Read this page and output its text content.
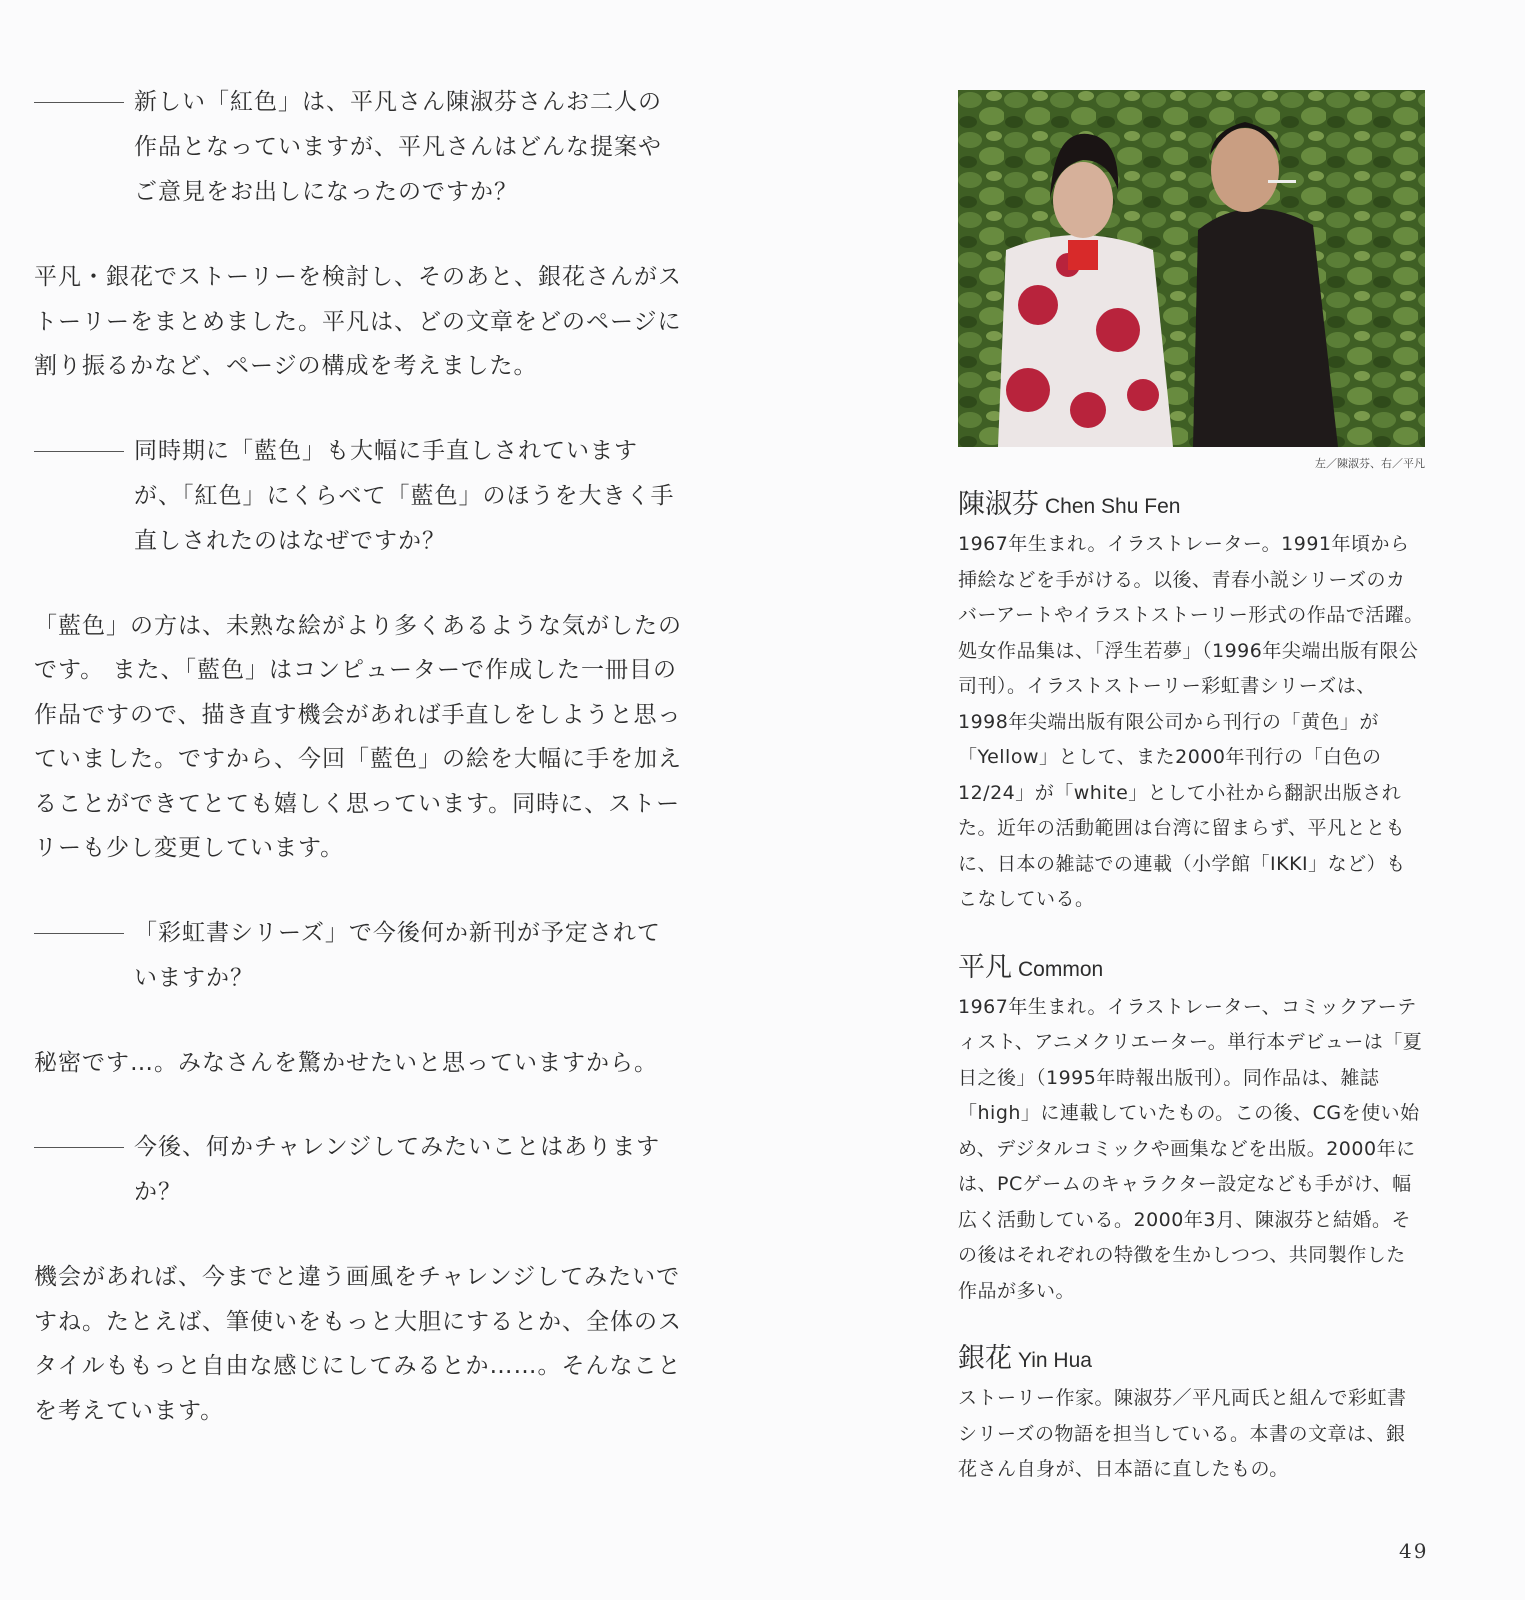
新しい「紅色」は、平凡さん陳淑芬さんお二人の作品となっていますが、平凡さんはどんな提案やご意見をお出しになったのですか？
平凡・銀花でストーリーを検討し、そのあと、銀花さんがストーリーをまとめました。平凡は、どの文章をどのページに割り振るかなど、ページの構成を考えました。
同時期に「藍色」も大幅に手直しされていますが、「紅色」にくらべて「藍色」のほうを大きく手直しされたのはなぜですか？
「藍色」の方は、未熟な絵がより多くあるような気がしたのです。 また、「藍色」はコンピューターで作成した一冊目の作品ですので、描き直す機会があれば手直しをしようと思っていました。ですから、今回「藍色」の絵を大幅に手を加えることができてとても嬉しく思っています。同時に、ストーリーも少し変更しています。
「彩虹書シリーズ」で今後何か新刊が予定されていますか？
秘密です…。みなさんを驚かせたいと思っていますから。
今後、何かチャレンジしてみたいことはありますか？
機会があれば、今までと違う画風をチャレンジしてみたいですね。たとえば、筆使いをもっと大胆にするとか、全体のスタイルももっと自由な感じにしてみるとか……。そんなことを考えています。
左／陳淑芬、右／平凡
陳淑芬 Chen Shu Fen
1967年生まれ。イラストレーター。1991年頃から挿絵などを手がける。以後、青春小説シリーズのカバーアートやイラストストーリー形式の作品で活躍。処女作品集は、「浮生若夢」（1996年尖端出版有限公司刊）。イラストストーリー彩虹書シリーズは、1998年尖端出版有限公司から刊行の「黄色」が「Yellow」として、また2000年刊行の「白色の12/24」が「white」として小社から翻訳出版された。近年の活動範囲は台湾に留まらず、平凡とともに、日本の雑誌での連載（小学館「IKKI」など）もこなしている。
平凡 Common
1967年生まれ。イラストレーター、コミックアーティスト、アニメクリエーター。単行本デビューは「夏日之後」（1995年時報出版刊）。同作品は、雑誌「high」に連載していたもの。この後、CGを使い始め、デジタルコミックや画集などを出版。2000年には、PCゲームのキャラクター設定なども手がけ、幅広く活動している。2000年3月、陳淑芬と結婚。その後はそれぞれの特徴を生かしつつ、共同製作した作品が多い。
銀花 Yin Hua
ストーリー作家。陳淑芬／平凡両氏と組んで彩虹書シリーズの物語を担当している。本書の文章は、銀花さん自身が、日本語に直したもの。
49
